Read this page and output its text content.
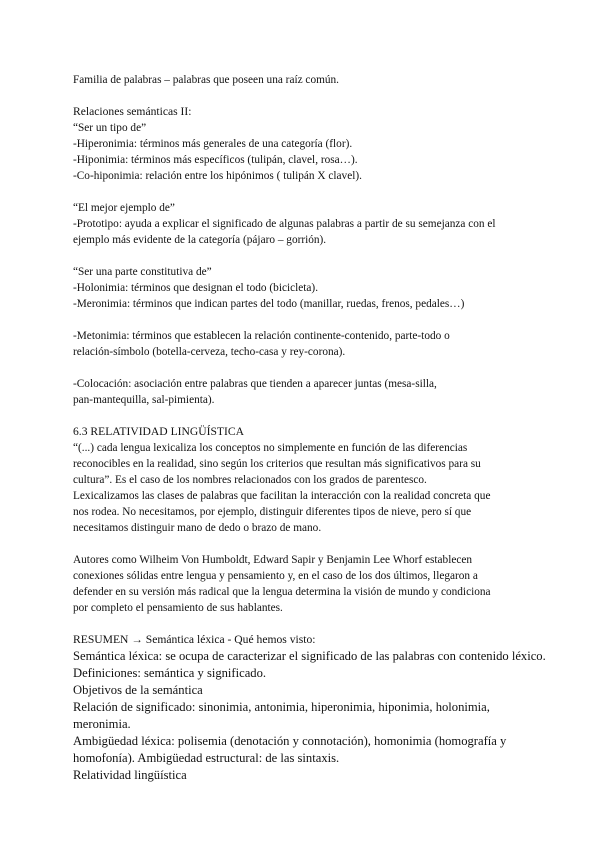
Familia de palabras – palabras que poseen una raíz común.
Relaciones semánticas II:
“Ser un tipo de”
-Hiperonimia: términos más generales de una categoría (flor).
-Hiponimia: términos más específicos (tulipán, clavel, rosa…).
-Co-hiponimia: relación entre los hipónimos ( tulipán X clavel).
“El mejor ejemplo de”
-Prototipo: ayuda a explicar el significado de algunas palabras a partir de su semejanza con el
ejemplo más evidente de la categoría (pájaro – gorrión).
“Ser una parte constitutiva de”
-Holonimia: términos que designan el todo (bicicleta).
-Meronimia: términos que indican partes del todo (manillar, ruedas, frenos, pedales…)
-Metonimia: términos que establecen la relación continente-contenido, parte-todo o
relación-símbolo (botella-cerveza, techo-casa y rey-corona).
-Colocación: asociación entre palabras que tienden a aparecer juntas (mesa-silla,
pan-mantequilla, sal-pimienta).
6.3 RELATIVIDAD LINGÜÍSTICA
“(...) cada lengua lexicaliza los conceptos no simplemente en función de las diferencias
reconocibles en la realidad, sino según los criterios que resultan más significativos para su
cultura”. Es el caso de los nombres relacionados con los grados de parentesco.
Lexicalizamos las clases de palabras que facilitan la interacción con la realidad concreta que
nos rodea. No necesitamos, por ejemplo, distinguir diferentes tipos de nieve, pero sí que
necesitamos distinguir mano de dedo o brazo de mano.
Autores como Wilheim Von Humboldt, Edward Sapir y Benjamin Lee Whorf establecen
conexiones sólidas entre lengua y pensamiento y, en el caso de los dos últimos, llegaron a
defender en su versión más radical que la lengua determina la visión de mundo y condiciona
por completo el pensamiento de sus hablantes.
RESUMEN → Semántica léxica - Qué hemos visto:
Semántica léxica: se ocupa de caracterizar el significado de las palabras con contenido léxico.
Definiciones: semántica y significado.
Objetivos de la semántica
Relación de significado: sinonimia, antonimia, hiperonimia, hiponimia, holonimia,
meronimia.
Ambigüedad léxica: polisemia (denotación y connotación), homonimia (homografía y
homofonía). Ambigüedad estructural: de las sintaxis.
Relatividad lingüística
